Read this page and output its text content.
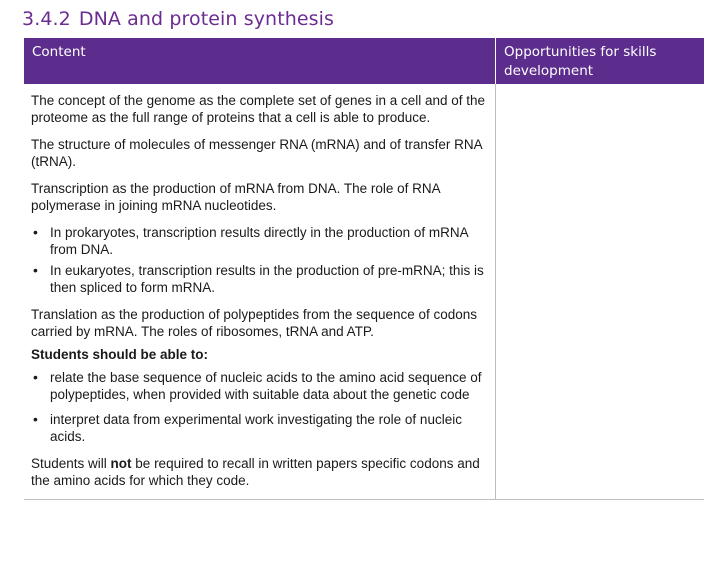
3.4.2 DNA and protein synthesis
Content	Opportunities for skills development

The concept of the genome as the complete set of genes in a cell and of the proteome as the full range of proteins that a cell is able to produce.

The structure of molecules of messenger RNA (mRNA) and of transfer RNA (tRNA).

Transcription as the production of mRNA from DNA. The role of RNA polymerase in joining mRNA nucleotides.

• In prokaryotes, transcription results directly in the production of mRNA from DNA.
• In eukaryotes, transcription results in the production of pre-mRNA; this is then spliced to form mRNA.

Translation as the production of polypeptides from the sequence of codons carried by mRNA. The roles of ribosomes, tRNA and ATP.

Students should be able to:

• relate the base sequence of nucleic acids to the amino acid sequence of polypeptides, when provided with suitable data about the genetic code
• interpret data from experimental work investigating the role of nucleic acids.

Students will not be required to recall in written papers specific codons and the amino acids for which they code.
